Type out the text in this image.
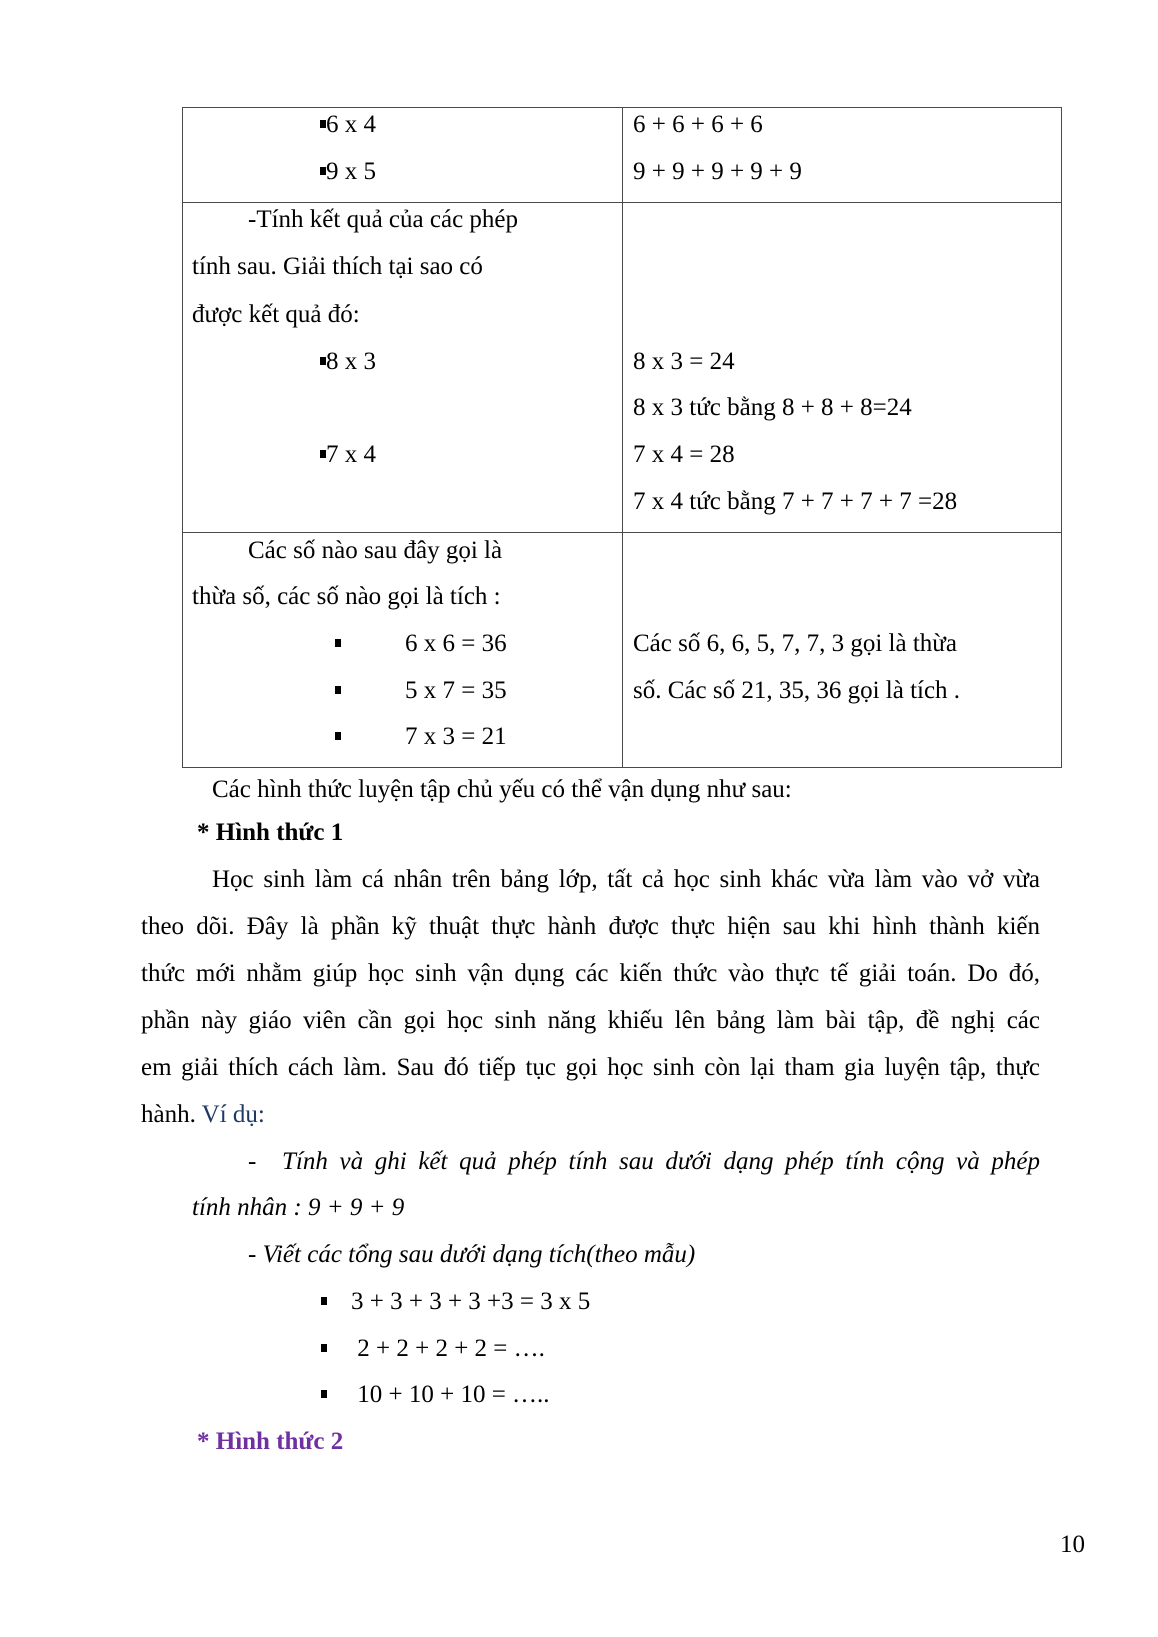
6 x 4
9 x 5
6 + 6 + 6 + 6
9 + 9 + 9 + 9 + 9
-Tính kết quả của các phép
tính sau. Giải thích tại sao có
được kết quả đó:
8 x 3
7 x 4
8 x 3 = 24
8 x 3 tức bằng 8 + 8 + 8=24
7 x 4 = 28
7 x 4 tức bằng 7 + 7 + 7 + 7 =28
Các số nào sau đây gọi là
thừa số, các số nào gọi là tích :
6 x 6 = 36
5 x 7 = 35
7 x 3 = 21
Các số 6, 6, 5, 7, 7, 3 gọi là thừa
số. Các số 21, 35, 36 gọi là tích .
Các hình thức luyện tập chủ yếu có thể vận dụng như sau:
* Hình thức 1
Học sinh làm cá nhân trên bảng lớp, tất cả học sinh khác vừa làm vào vở vừa
theo dõi. Đây là phần kỹ thuật thực hành được thực hiện sau khi hình thành kiến
thức mới nhằm giúp học sinh vận dụng các kiến thức vào thực tế giải toán. Do đó,
phần này giáo viên cần gọi học sinh năng khiếu lên bảng làm bài tập, đề nghị các
em giải thích cách làm. Sau đó tiếp tục gọi học sinh còn lại tham gia luyện tập, thực
hành. Ví dụ:
- Tính và ghi kết quả phép tính sau dưới dạng phép tính cộng và phép
tính nhân : 9 + 9 + 9
- Viết các tổng sau dưới dạng tích(theo mẫu)
3 + 3 + 3 + 3 +3 = 3 x 5
2 + 2 + 2 + 2 = ….
10 + 10 + 10 = …..
* Hình thức 2
10
